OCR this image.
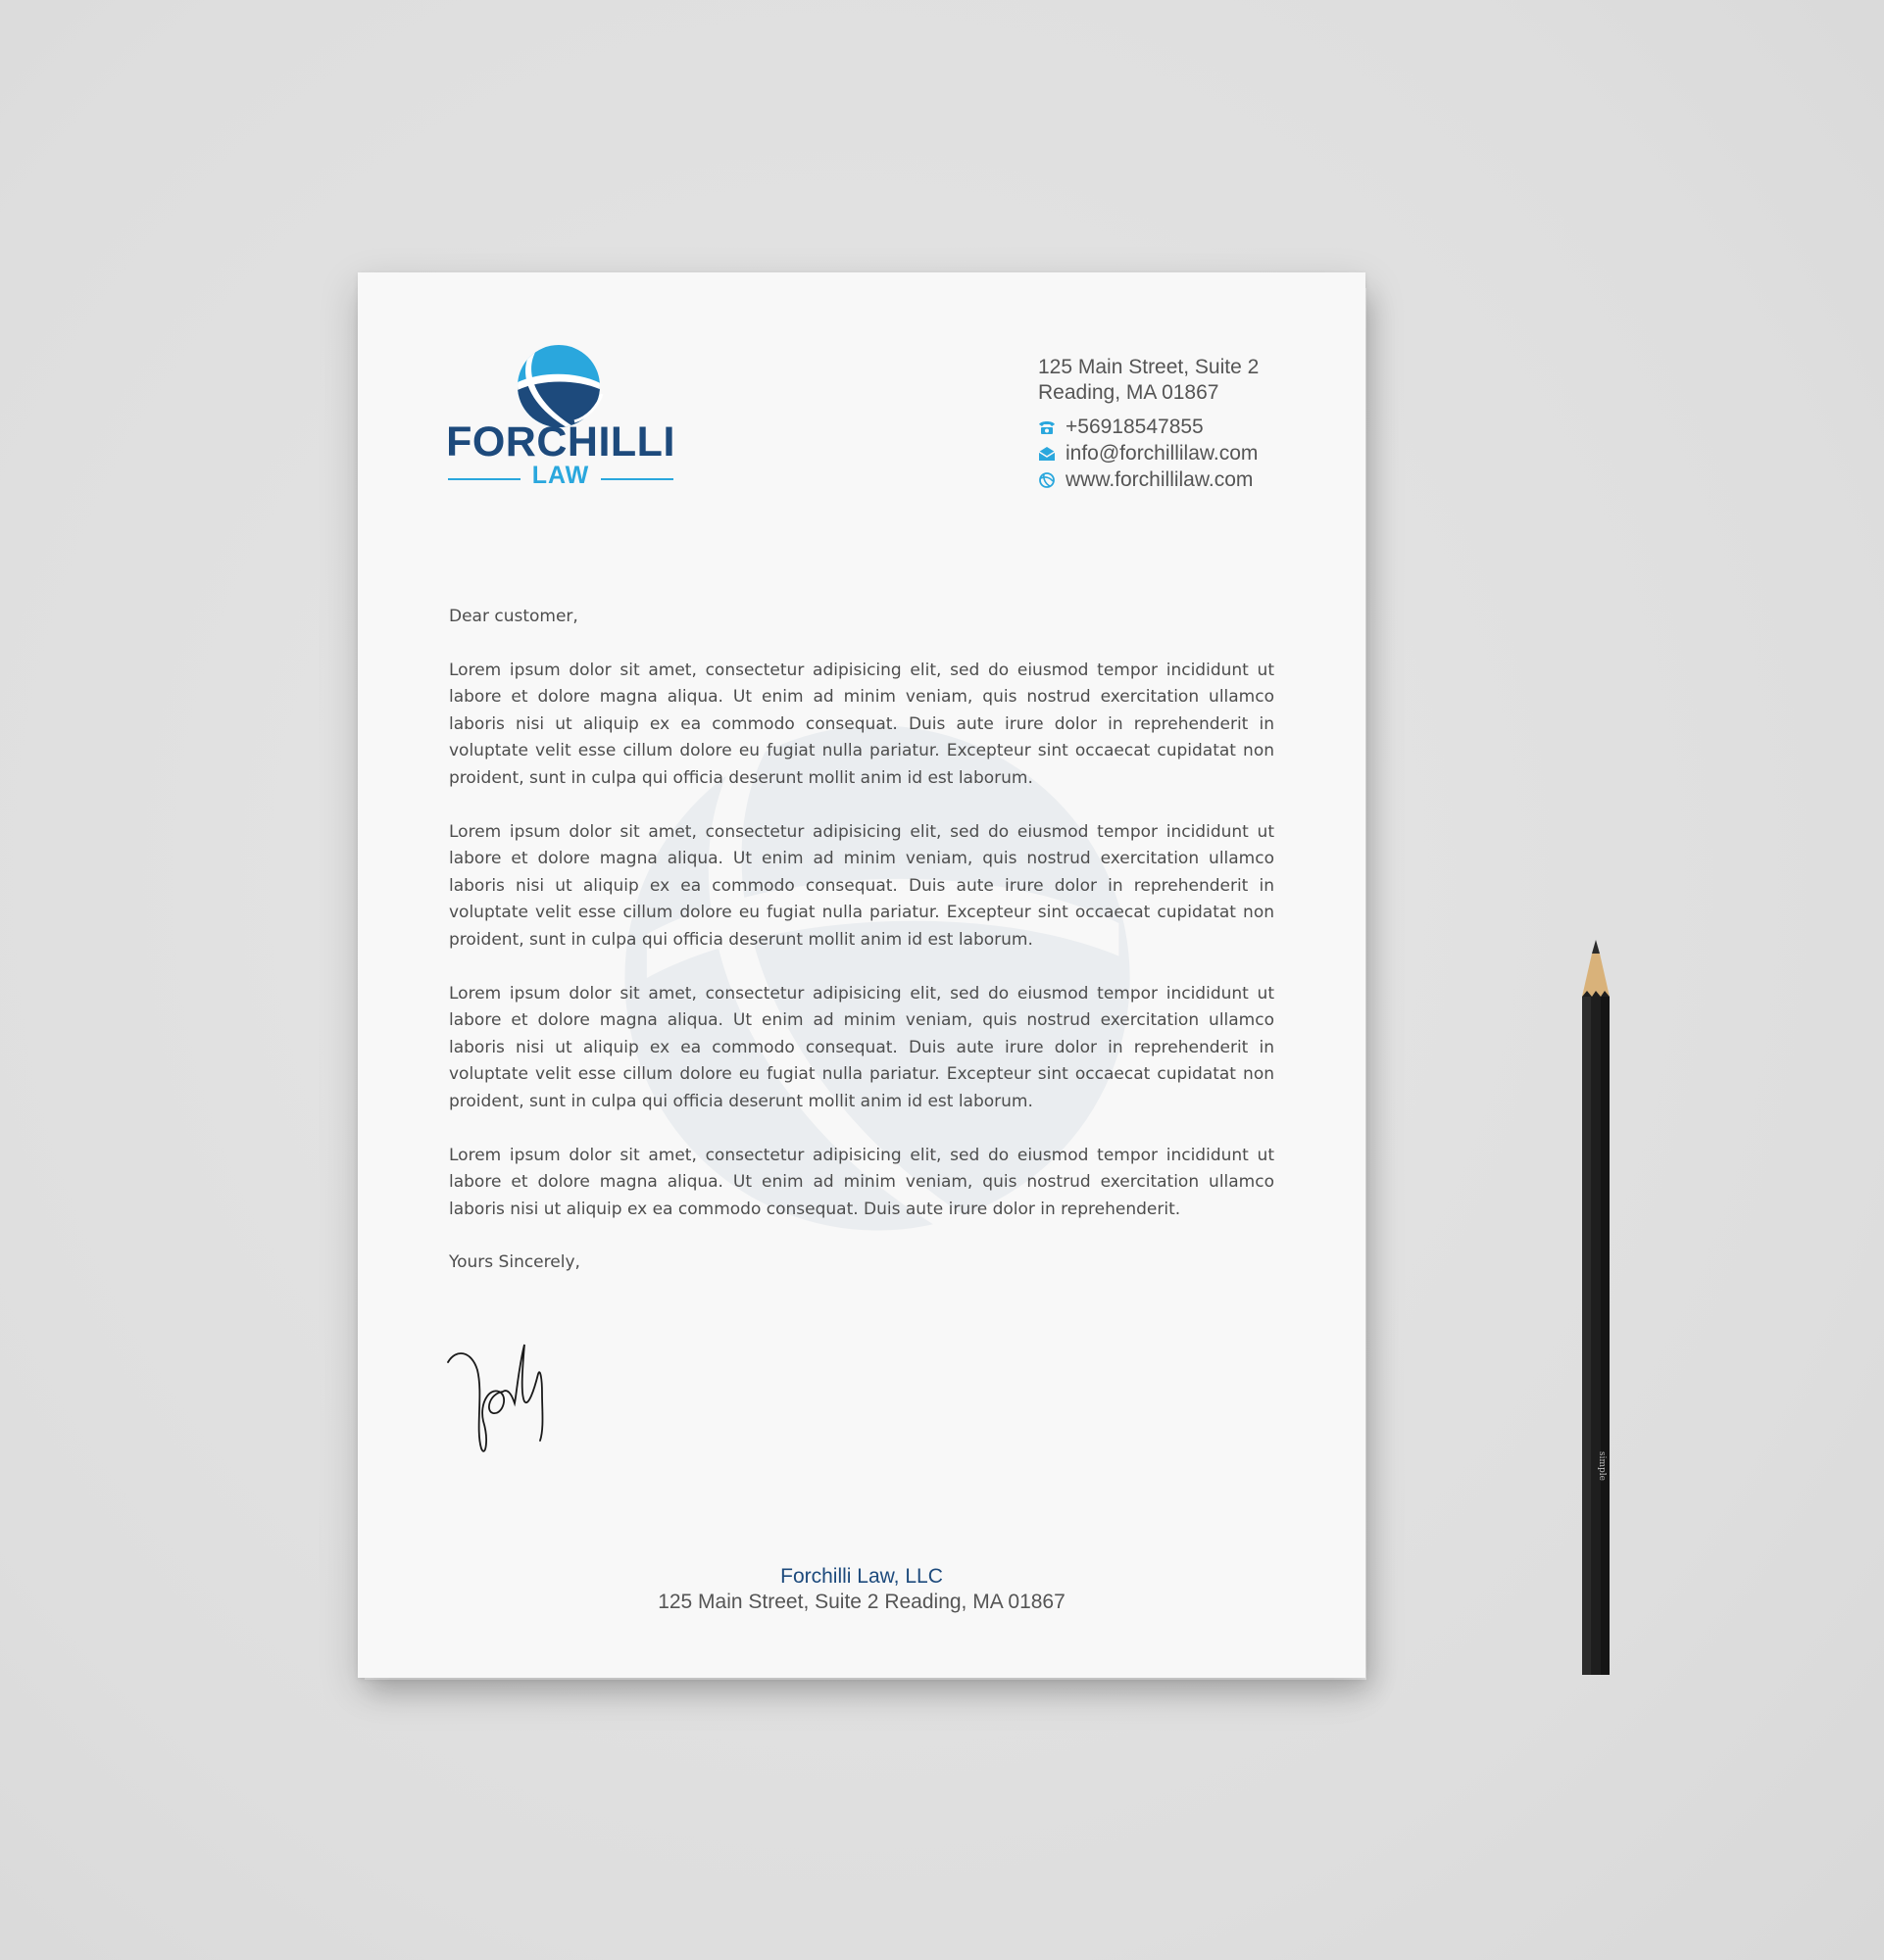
FORCHILLI
LAW
125 Main Street, Suite 2
Reading, MA 01867
+56918547855
info@forchillilaw.com
www.forchillilaw.com

Dear customer,

Lorem ipsum dolor sit amet, consectetur adipisicing elit, sed do eiusmod tempor incididunt ut labore et dolore magna aliqua. Ut enim ad minim veniam, quis nostrud exercitation ullamco laboris nisi ut aliquip ex ea commodo consequat. Duis aute irure dolor in reprehenderit in voluptate velit esse cillum dolore eu fugiat nulla pariatur. Excepteur sint occaecat cupidatat non proident, sunt in culpa qui officia deserunt mollit anim id est laborum.

Lorem ipsum dolor sit amet, consectetur adipisicing elit, sed do eiusmod tempor incididunt ut labore et dolore magna aliqua. Ut enim ad minim veniam, quis nostrud exercitation ullamco laboris nisi ut aliquip ex ea commodo consequat. Duis aute irure dolor in reprehenderit in voluptate velit esse cillum dolore eu fugiat nulla pariatur. Excepteur sint occaecat cupidatat non proident, sunt in culpa qui officia deserunt mollit anim id est laborum.

Lorem ipsum dolor sit amet, consectetur adipisicing elit, sed do eiusmod tempor incididunt ut labore et dolore magna aliqua. Ut enim ad minim veniam, quis nostrud exercitation ullamco laboris nisi ut aliquip ex ea commodo consequat. Duis aute irure dolor in reprehenderit in voluptate velit esse cillum dolore eu fugiat nulla pariatur. Excepteur sint occaecat cupidatat non proident, sunt in culpa qui officia deserunt mollit anim id est laborum.

Lorem ipsum dolor sit amet, consectetur adipisicing elit, sed do eiusmod tempor incididunt ut labore et dolore magna aliqua. Ut enim ad minim veniam, quis nostrud exercitation ullamco laboris nisi ut aliquip ex ea commodo consequat. Duis aute irure dolor in reprehenderit.

Yours Sincerely,

Forchilli Law, LLC
125 Main Street, Suite 2 Reading, MA 01867
simple
